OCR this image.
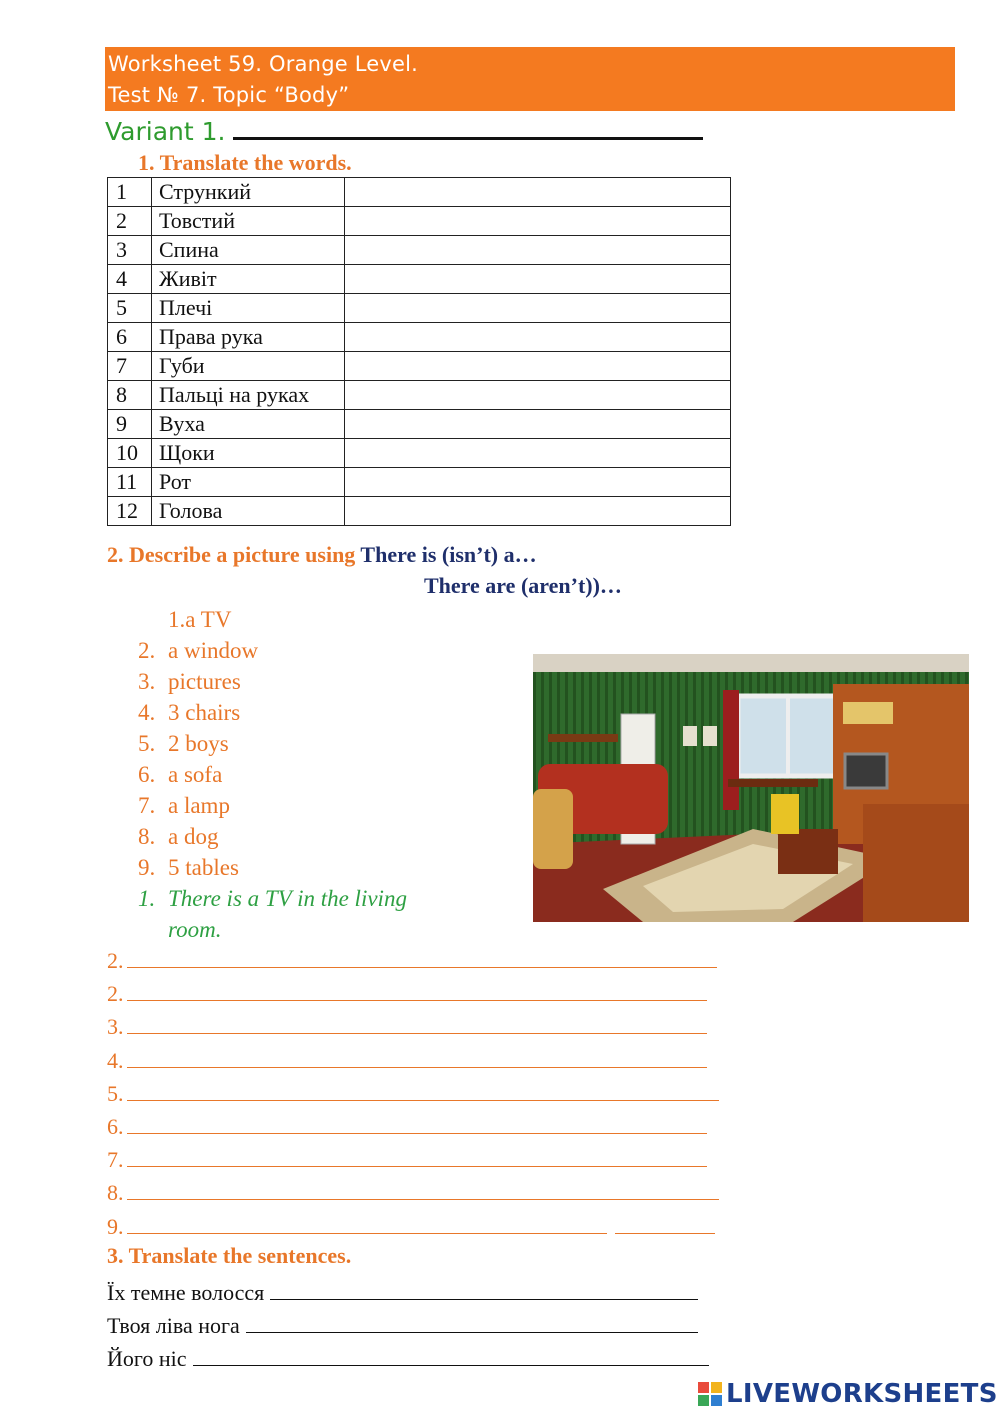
Worksheet 59. Orange Level.
Test № 7. Topic “Body”
Variant 1.
1. Translate the words.
1	Стрункий	
2	Товстий	
3	Спина	
4	Живіт	
5	Плечі	
6	Права рука	
7	Губи	
8	Пальці на руках	
9	Вуха	
10	Щоки	
11	Рот	
12	Голова	
2. Describe a picture using There is (isn’t) a…
There are (aren’t))…
1.a TV
2. a window
3. pictures
4. 3 chairs
5. 2 boys
6. a sofa
7. a lamp
8. a dog
9. 5 tables
1. There is a TV in the living
room.
2.
2.
3.
4.
5.
6.
7.
8.
9.
3. Translate the sentences.
Їх темне волосся
Твоя ліва нога
Його ніс
LIVEWORKSHEETS
